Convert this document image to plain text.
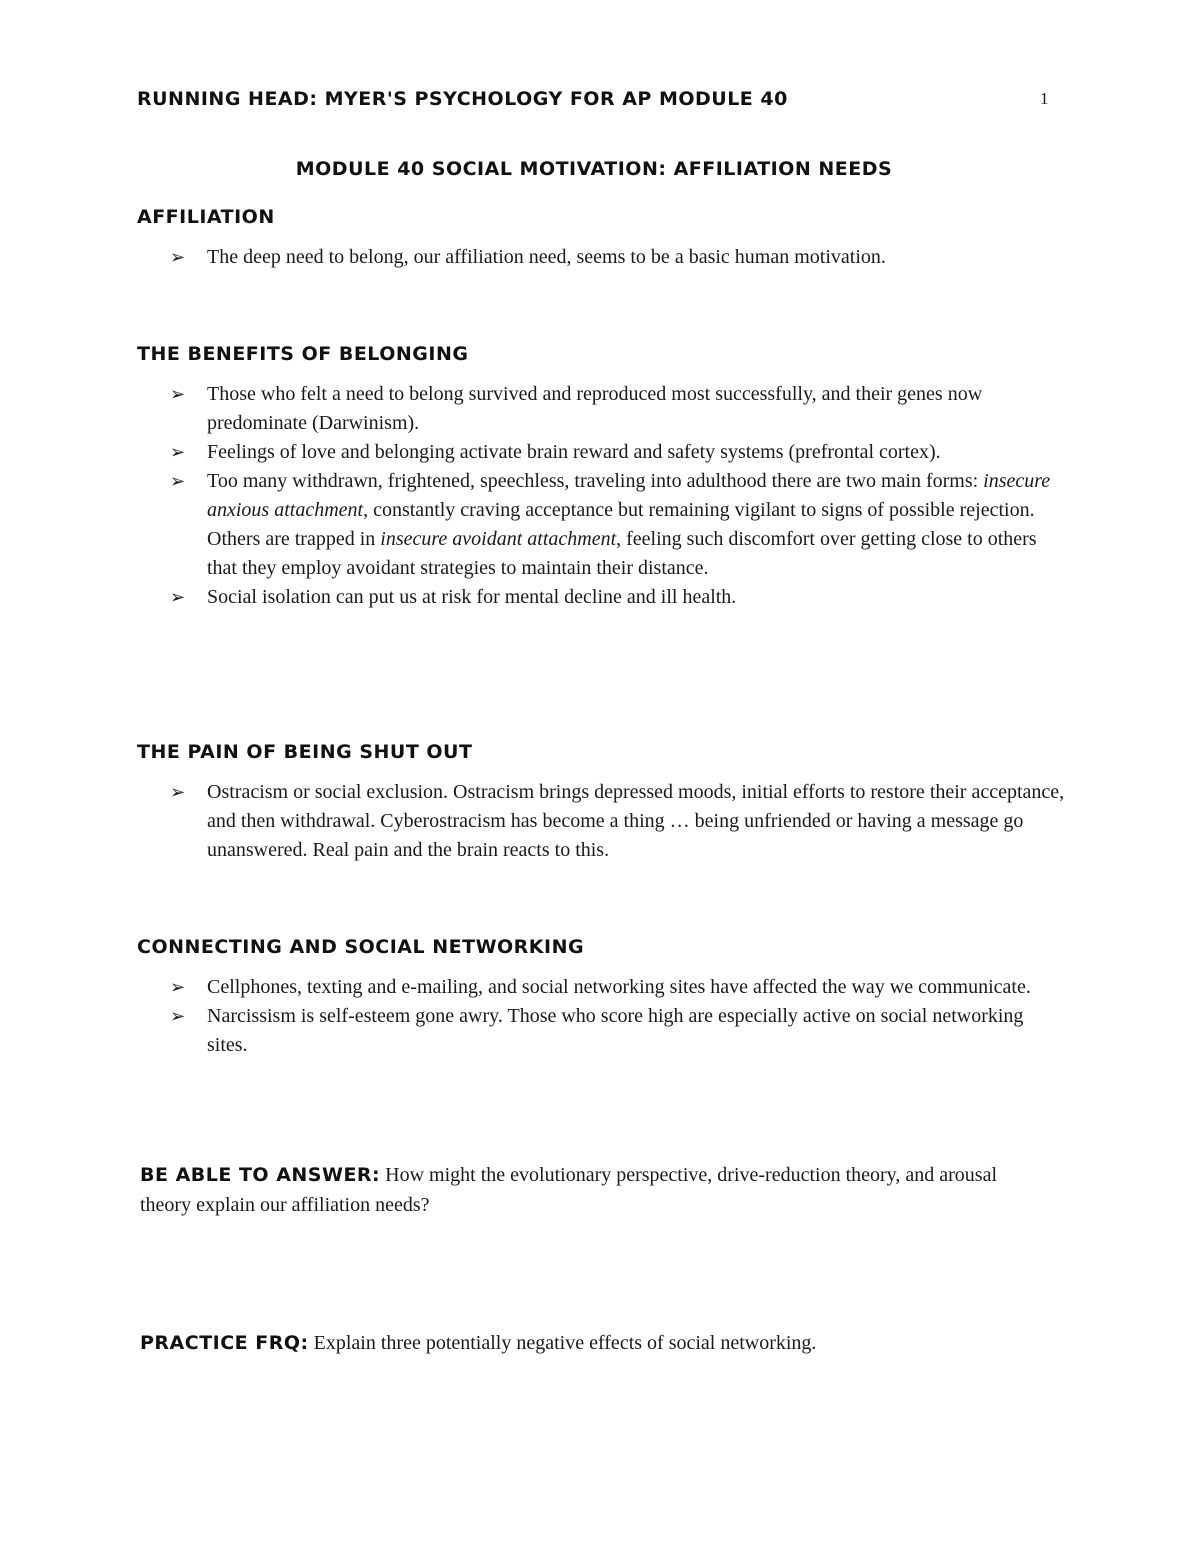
RUNNING HEAD: MYER'S PSYCHOLOGY FOR AP MODULE 40	1
MODULE 40 SOCIAL MOTIVATION: AFFILIATION NEEDS
AFFILIATION
➢ The deep need to belong, our affiliation need, seems to be a basic human motivation.
THE BENEFITS OF BELONGING
➢ Those who felt a need to belong survived and reproduced most successfully, and their genes now predominate (Darwinism).
➢ Feelings of love and belonging activate brain reward and safety systems (prefrontal cortex).
➢ Too many withdrawn, frightened, speechless, traveling into adulthood there are two main forms: insecure anxious attachment, constantly craving acceptance but remaining vigilant to signs of possible rejection. Others are trapped in insecure avoidant attachment, feeling such discomfort over getting close to others that they employ avoidant strategies to maintain their distance.
➢ Social isolation can put us at risk for mental decline and ill health.
THE PAIN OF BEING SHUT OUT
➢ Ostracism or social exclusion. Ostracism brings depressed moods, initial efforts to restore their acceptance, and then withdrawal. Cyberostracism has become a thing … being unfriended or having a message go unanswered. Real pain and the brain reacts to this.
CONNECTING AND SOCIAL NETWORKING
➢ Cellphones, texting and e-mailing, and social networking sites have affected the way we communicate.
➢ Narcissism is self-esteem gone awry. Those who score high are especially active on social networking sites.

BE ABLE TO ANSWER: How might the evolutionary perspective, drive-reduction theory, and arousal theory explain our affiliation needs?

PRACTICE FRQ: Explain three potentially negative effects of social networking.
